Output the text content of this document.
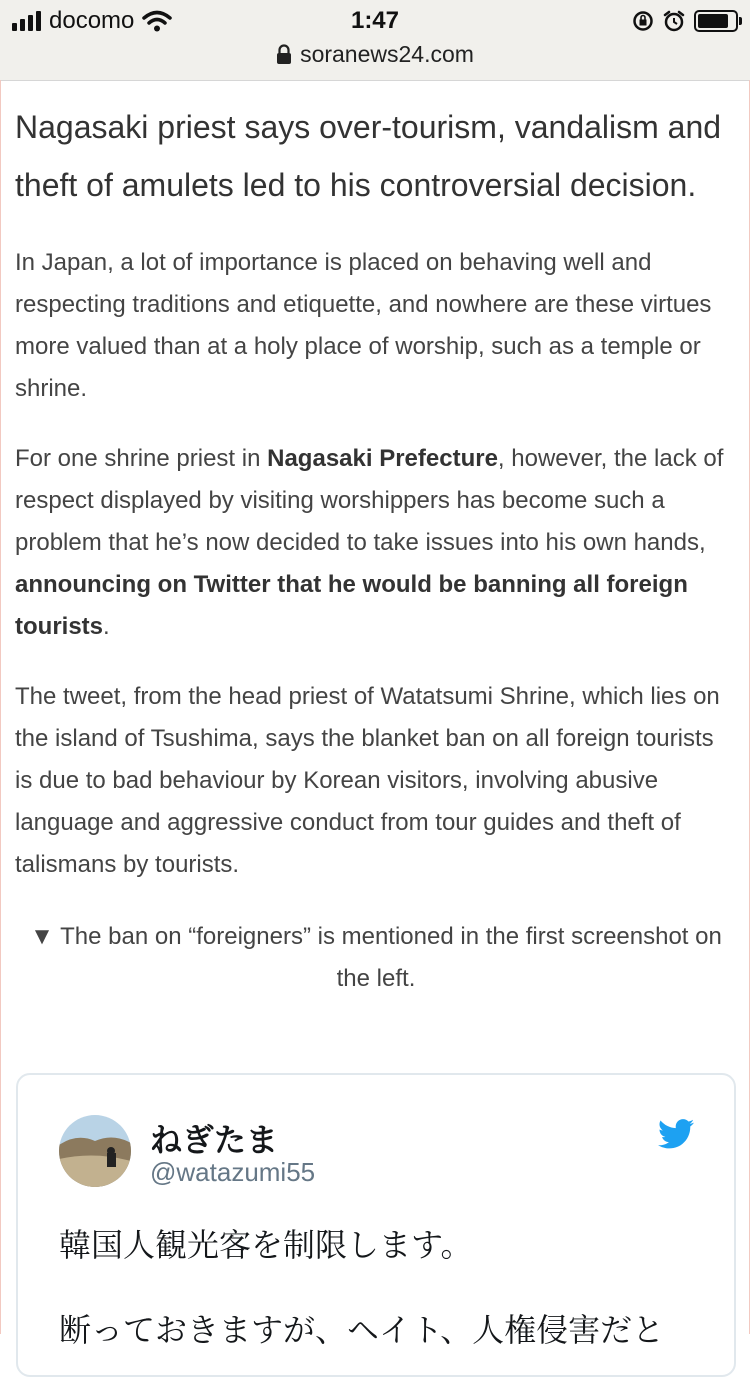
docomo	1:47
soranews24.com
Nagasaki priest says over-tourism, vandalism and theft of amulets led to his controversial decision.

In Japan, a lot of importance is placed on behaving well and respecting traditions and etiquette, and nowhere are these virtues more valued than at a holy place of worship, such as a temple or shrine.

For one shrine priest in Nagasaki Prefecture, however, the lack of respect displayed by visiting worshippers has become such a problem that he’s now decided to take issues into his own hands, announcing on Twitter that he would be banning all foreign tourists.

The tweet, from the head priest of Watatsumi Shrine, which lies on the island of Tsushima, says the blanket ban on all foreign tourists is due to bad behaviour by Korean visitors, involving abusive language and aggressive conduct from tour guides and theft of talismans by tourists.

▼ The ban on “foreigners” is mentioned in the first screenshot on the left.

ねぎたま
@watazumi55
韓国人観光客を制限します。
断っておきますが、ヘイト、人権侵害だと
